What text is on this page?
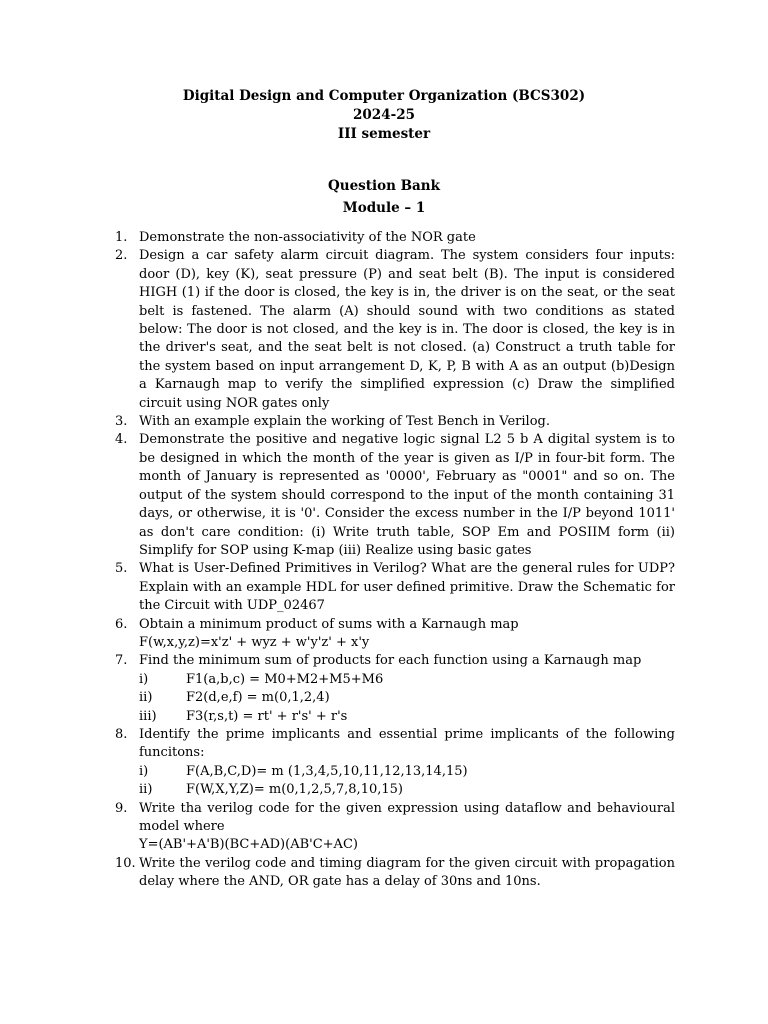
Digital Design and Computer Organization (BCS302)
2024-25
III semester
Question Bank
Module – 1
1. Demonstrate the non-associativity of the NOR gate
2. Design a car safety alarm circuit diagram. The system considers four inputs: door (D), key (K), seat pressure (P) and seat belt (B). The input is considered HIGH (1) if the door is closed, the key is in, the driver is on the seat, or the seat belt is fastened. The alarm (A) should sound with two conditions as stated below: The door is not closed, and the key is in. The door is closed, the key is in the driver's seat, and the seat belt is not closed. (a) Construct a truth table for the system based on input arrangement D, K, P, B with A as an output (b)Design a Karnaugh map to verify the simplified expression (c) Draw the simplified circuit using NOR gates only
3. With an example explain the working of Test Bench in Verilog.
4. Demonstrate the positive and negative logic signal L2 5 b A digital system is to be designed in which the month of the year is given as I/P in four-bit form. The month of January is represented as '0000', February as "0001" and so on. The output of the system should correspond to the input of the month containing 31 days, or otherwise, it is '0'. Consider the excess number in the I/P beyond 1011' as don't care condition: (i) Write truth table, SOP Em and POSIIM form (ii) Simplify for SOP using K-map (iii) Realize using basic gates
5. What is User-Defined Primitives in Verilog? What are the general rules for UDP? Explain with an example HDL for user defined primitive. Draw the Schematic for the Circuit with UDP_02467
6. Obtain a minimum product of sums with a Karnaugh map
F(w,x,y,z)=x'z' + wyz + w'y'z' + x'y
7. Find the minimum sum of products for each function using a Karnaugh map
i)	F1(a,b,c) = M0+M2+M5+M6
ii)	F2(d,e,f) = m(0,1,2,4)
iii) F3(r,s,t) = rt' + r's' + r's
8. Identify the prime implicants and essential prime implicants of the following funcitons:
i)	F(A,B,C,D)= m (1,3,4,5,10,11,12,13,14,15)
ii)	F(W,X,Y,Z)= m(0,1,2,5,7,8,10,15)
9. Write tha verilog code for the given expression using dataflow and behavioural model where
Y=(AB'+A'B)(BC+AD)(AB'C+AC)
10. Write the verilog code and timing diagram for the given circuit with propagation delay where the AND, OR gate has a delay of 30ns and 10ns.
